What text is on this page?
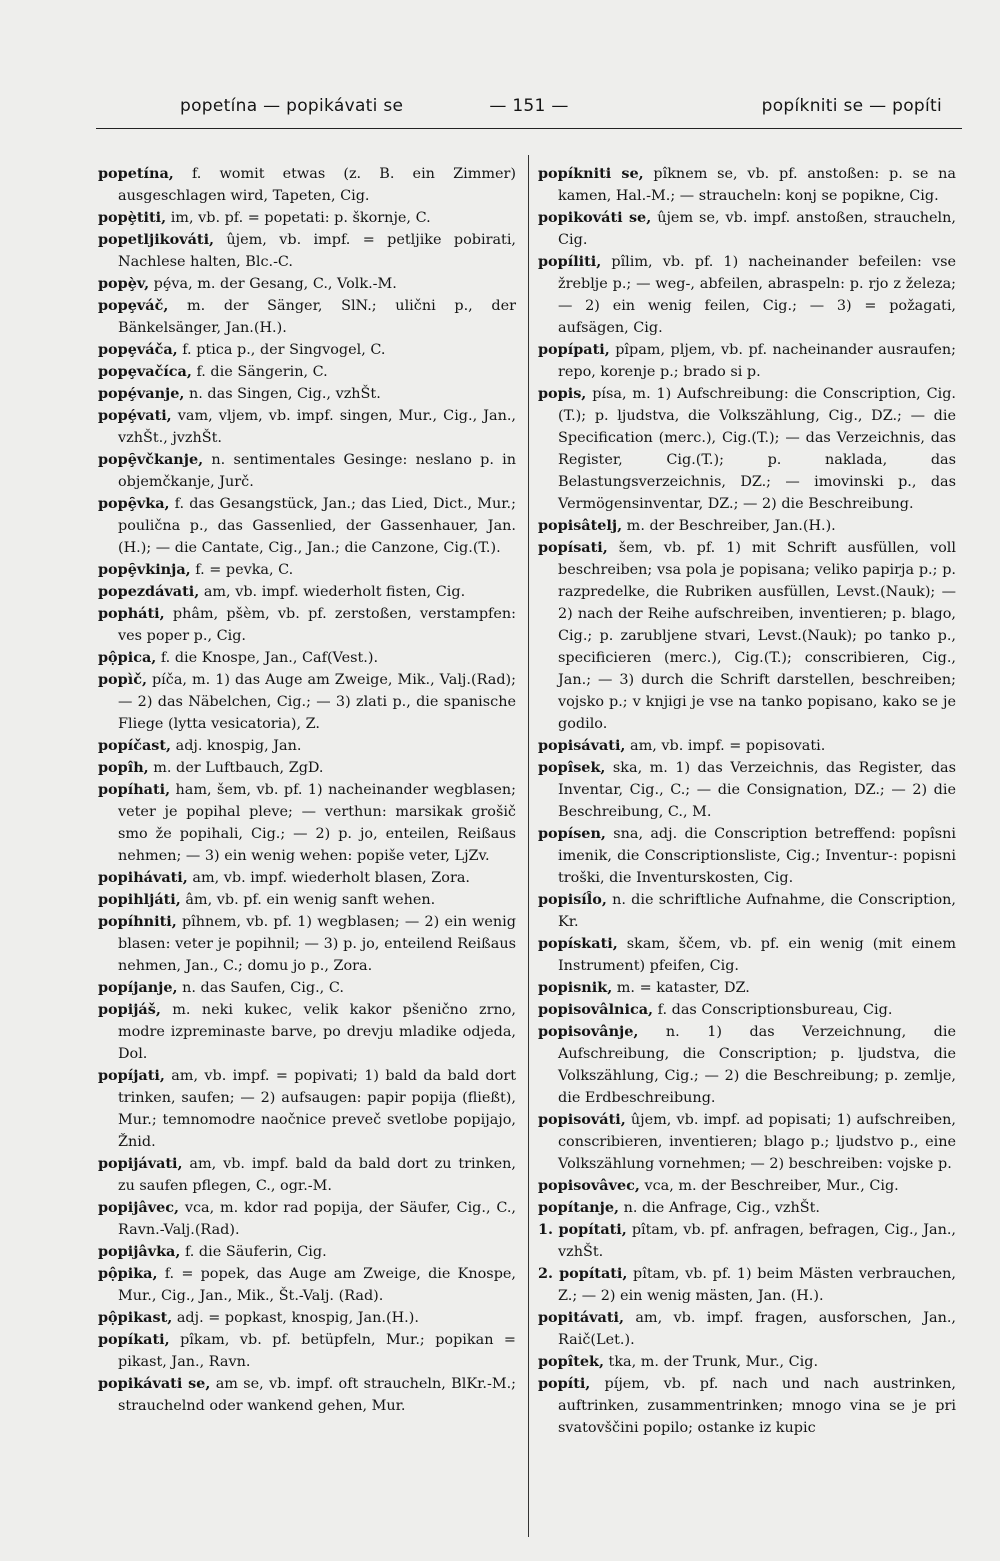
popetína — popikávati se	— 151 —	popíkniti se — popíti

popetína, f. womit etwas (z. B. ein Zimmer) ausgeschlagen wird, Tapeten, Cig.

popȩ̀titi, im, vb. pf. = popetati: p. škornje, C.

popetljikováti, ûjem, vb. impf. = petljike pobirati, Nachlese halten, Blc.-C.

popȩ̀v, pȩ́va, m. der Gesang, C., Volk.-M.

popȩváč, m. der Sänger, SlN.; ulični p., der Bänkelsänger, Jan.(H.).

popȩváča, f. ptica p., der Singvogel, C.

popȩvačíca, f. die Sängerin, C.

popȩ́vanje, n. das Singen, Cig., vzhŠt.

popȩ́vati, vam, vljem, vb. impf. singen, Mur., Cig., Jan., vzhŠt., jvzhŠt.

popȩ̑včkanje, n. sentimentales Gesinge: neslano p. in objemčkanje, Jurč.

popȩ̑vka, f. das Gesangstück, Jan.; das Lied, Dict., Mur.; poulična p., das Gassenlied, der Gassenhauer, Jan.(H.); — die Cantate, Cig., Jan.; die Canzone, Cig.(T.).

popȩ̑vkinja, f. = pevka, C.

popezdávati, am, vb. impf. wiederholt fisten, Cig.

popháti, phâm, pšèm, vb. pf. zerstoßen, verstampfen: ves poper p., Cig.

pộpica, f. die Knospe, Jan., Caf(Vest.).

popìč, píča, m. 1) das Auge am Zweige, Mik., Valj.(Rad); — 2) das Näbelchen, Cig.; — 3) zlati p., die spanische Fliege (lytta vesicatoria), Z.

popíčast, adj. knospig, Jan.

popîh, m. der Luftbauch, ZgD.

popíhati, ham, šem, vb. pf. 1) nacheinander wegblasen; veter je popihal pleve; — verthun: marsikak grošič smo že popihali, Cig.; — 2) p. jo, enteilen, Reißaus nehmen; — 3) ein wenig wehen: popiše veter, LjZv.

popihávati, am, vb. impf. wiederholt blasen, Zora.

popihljáti, âm, vb. pf. ein wenig sanft wehen.

popíhniti, pîhnem, vb. pf. 1) wegblasen; — 2) ein wenig blasen: veter je popihnil; — 3) p. jo, enteilend Reißaus nehmen, Jan., C.; domu jo p., Zora.

popíjanje, n. das Saufen, Cig., C.

popijáš, m. neki kukec, velik kakor pšenično zrno, modre izpreminaste barve, po drevju mladike odjeda, Dol.

popíjati, am, vb. impf. = popivati; 1) bald da bald dort trinken, saufen; — 2) aufsaugen: papir popija (fließt), Mur.; temnomodre naočnice preveč svetlobe popijajo, Žnid.

popijávati, am, vb. impf. bald da bald dort zu trinken, zu saufen pflegen, C., ogr.-M.

popijâvec, vca, m. kdor rad popija, der Säufer, Cig., C., Ravn.-Valj.(Rad).

popijâvka, f. die Säuferin, Cig.

pộpika, f. = popek, das Auge am Zweige, die Knospe, Mur., Cig., Jan., Mik., Št.-Valj. (Rad).

pộpikast, adj. = popkast, knospig, Jan.(H.).

popíkati, pîkam, vb. pf. betüpfeln, Mur.; popikan = pikast, Jan., Ravn.

popikávati se, am se, vb. impf. oft straucheln, BlKr.-M.; strauchelnd oder wankend gehen, Mur.

popíkniti se, pîknem se, vb. pf. anstoßen: p. se na kamen, Hal.-M.; — straucheln: konj se popikne, Cig.

popikováti se, ûjem se, vb. impf. anstoßen, straucheln, Cig.

popíliti, pîlim, vb. pf. 1) nacheinander befeilen: vse žreblje p.; — weg-, abfeilen, abraspeln: p. rjo z železa; — 2) ein wenig feilen, Cig.; — 3) = požagati, aufsägen, Cig.

popípati, pîpam, pljem, vb. pf. nacheinander ausraufen; repo, korenje p.; brado si p.

popis, písa, m. 1) Aufschreibung: die Conscription, Cig.(T.); p. ljudstva, die Volkszählung, Cig., DZ.; — die Specification (merc.), Cig.(T.); — das Verzeichnis, das Register, Cig.(T.); p. naklada, das Belastungsverzeichnis, DZ.; — imovinski p., das Vermögensinventar, DZ.; — 2) die Beschreibung.

popisâtelj, m. der Beschreiber, Jan.(H.).

popísati, šem, vb. pf. 1) mit Schrift ausfüllen, voll beschreiben; vsa pola je popisana; veliko papirja p.; p. razpredelke, die Rubriken ausfüllen, Levst.(Nauk); — 2) nach der Reihe aufschreiben, inventieren; p. blago, Cig.; p. zarubljene stvari, Levst.(Nauk); po tanko p., specificieren (merc.), Cig.(T.); conscribieren, Cig., Jan.; — 3) durch die Schrift darstellen, beschreiben; vojsko p.; v knjigi je vse na tanko popisano, kako se je godilo.

popisávati, am, vb. impf. = popisovati.

popîsek, ska, m. 1) das Verzeichnis, das Register, das Inventar, Cig., C.; — die Consignation, DZ.; — 2) die Beschreibung, C., M.

popísen, sna, adj. die Conscription betreffend: popîsni imenik, die Conscriptionsliste, Cig.; Inventur-: popisni troški, die Inventurskosten, Cig.

popisíl̂o, n. die schriftliche Aufnahme, die Conscription, Kr.

popískati, skam, ščem, vb. pf. ein wenig (mit einem Instrument) pfeifen, Cig.

popisnik, m. = kataster, DZ.

popisovâlnica, f. das Conscriptionsbureau, Cig.

popisovânje, n. 1) das Verzeichnung, die Aufschreibung, die Conscription; p. ljudstva, die Volkszählung, Cig.; — 2) die Beschreibung; p. zemlje, die Erdbeschreibung.

popisováti, ûjem, vb. impf. ad popisati; 1) aufschreiben, conscribieren, inventieren; blago p.; ljudstvo p., eine Volkszählung vornehmen; — 2) beschreiben: vojske p.

popisovâvec, vca, m. der Beschreiber, Mur., Cig.

popítanje, n. die Anfrage, Cig., vzhŠt.

1. popítati, pîtam, vb. pf. anfragen, befragen, Cig., Jan., vzhŠt.

2. popítati, pîtam, vb. pf. 1) beim Mästen verbrauchen, Z.; — 2) ein wenig mästen, Jan. (H.).

popitávati, am, vb. impf. fragen, ausforschen, Jan., Raič(Let.).

popîtek, tka, m. der Trunk, Mur., Cig.

popíti, píjem, vb. pf. nach und nach austrinken, auftrinken, zusammentrinken; mnogo vina se je pri svatovščini popilo; ostanke iz kupic
